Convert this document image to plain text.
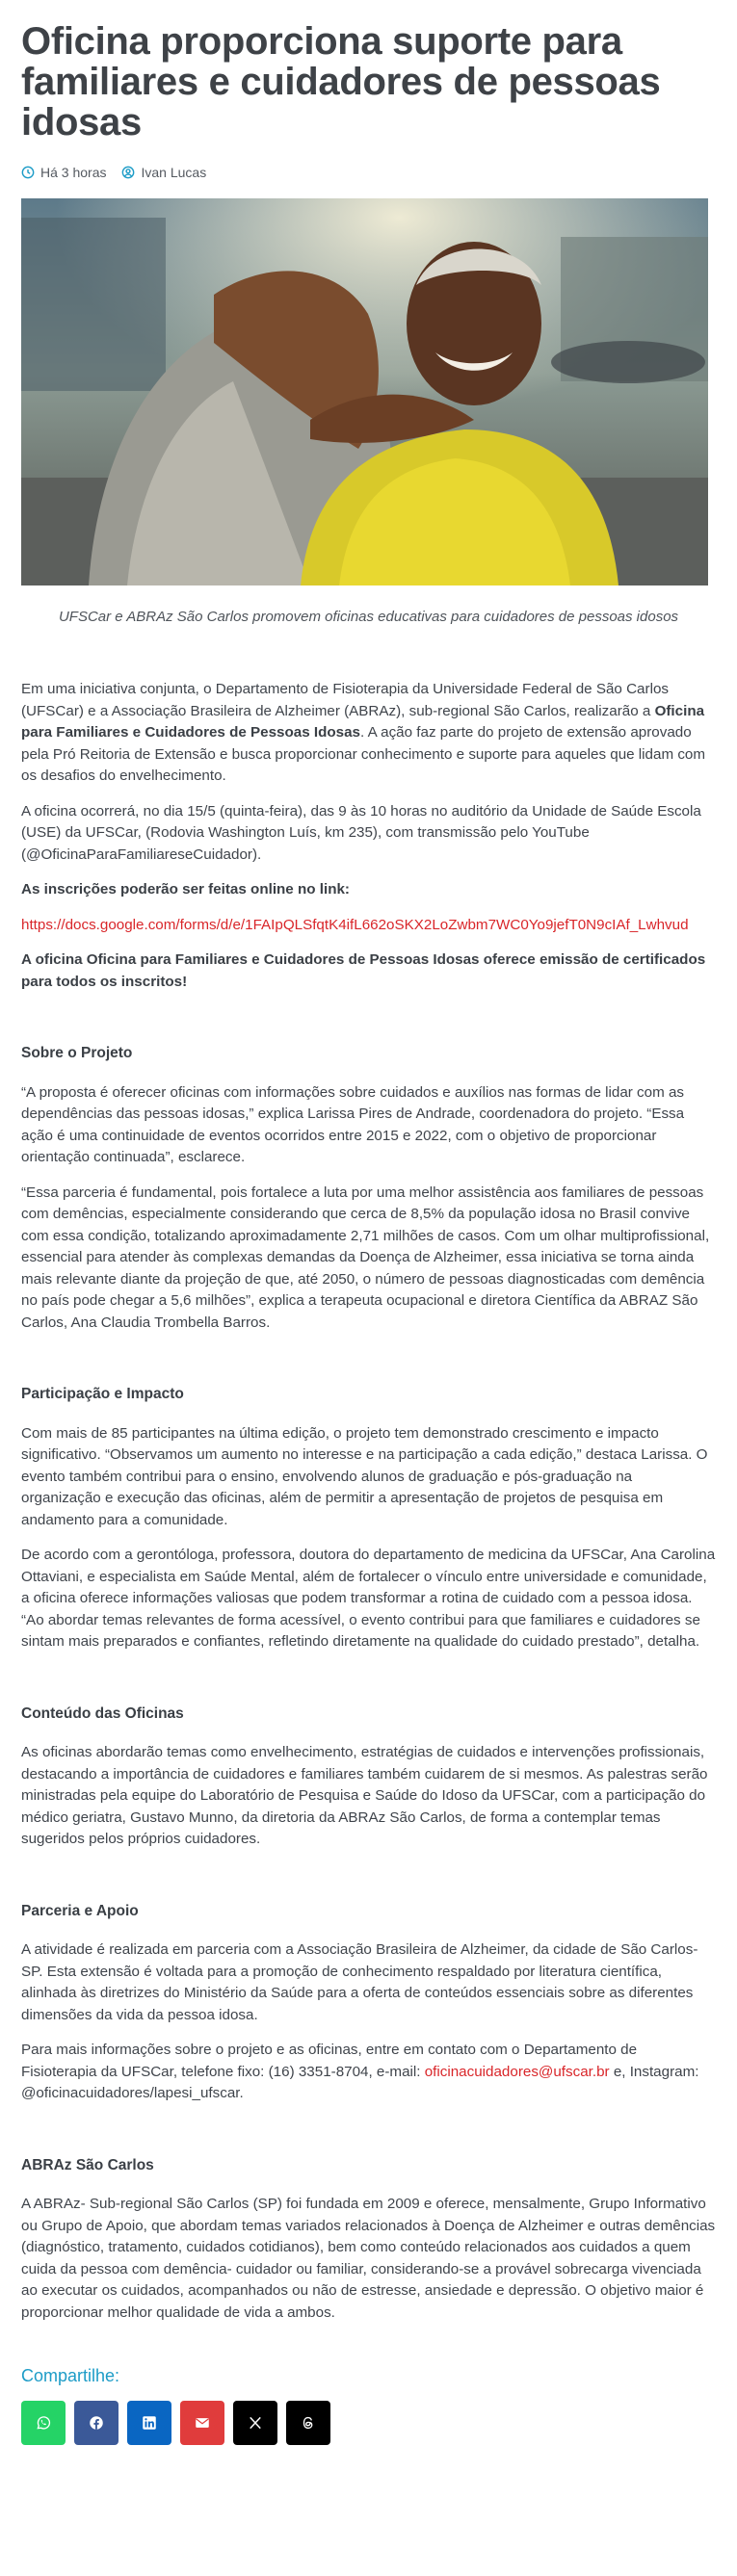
Oficina proporciona suporte para familiares e cuidadores de pessoas idosas
Há 3 horas	Ivan Lucas

UFSCar e ABRAz São Carlos promovem oficinas educativas para cuidadores de pessoas idosos

Em uma iniciativa conjunta, o Departamento de Fisioterapia da Universidade Federal de São Carlos (UFSCar) e a Associação Brasileira de Alzheimer (ABRAz), sub-regional São Carlos, realizarão a Oficina para Familiares e Cuidadores de Pessoas Idosas. A ação faz parte do projeto de extensão aprovado pela Pró Reitoria de Extensão e busca proporcionar conhecimento e suporte para aqueles que lidam com os desafios do envelhecimento.

A oficina ocorrerá, no dia 15/5 (quinta-feira), das 9 às 10 horas no auditório da Unidade de Saúde Escola (USE) da UFSCar, (Rodovia Washington Luís, km 235), com transmissão pelo YouTube (@OficinaParaFamiliareseCuidador).

As inscrições poderão ser feitas online no link:

https://docs.google.com/forms/d/e/1FAIpQLSfqtK4ifL662oSKX2LoZwbm7WC0Yo9jefT0N9cIAf_Lwhvud

A oficina Oficina para Familiares e Cuidadores de Pessoas Idosas oferece emissão de certificados para todos os inscritos!

Sobre o Projeto

“A proposta é oferecer oficinas com informações sobre cuidados e auxílios nas formas de lidar com as dependências das pessoas idosas,” explica Larissa Pires de Andrade, coordenadora do projeto. “Essa ação é uma continuidade de eventos ocorridos entre 2015 e 2022, com o objetivo de proporcionar orientação continuada”, esclarece.

“Essa parceria é fundamental, pois fortalece a luta por uma melhor assistência aos familiares de pessoas com demências, especialmente considerando que cerca de 8,5% da população idosa no Brasil convive com essa condição, totalizando aproximadamente 2,71 milhões de casos. Com um olhar multiprofissional, essencial para atender às complexas demandas da Doença de Alzheimer, essa iniciativa se torna ainda mais relevante diante da projeção de que, até 2050, o número de pessoas diagnosticadas com demência no país pode chegar a 5,6 milhões”, explica a terapeuta ocupacional e diretora Científica da ABRAZ São Carlos, Ana Claudia Trombella Barros.

Participação e Impacto

Com mais de 85 participantes na última edição, o projeto tem demonstrado crescimento e impacto significativo. “Observamos um aumento no interesse e na participação a cada edição,” destaca Larissa. O evento também contribui para o ensino, envolvendo alunos de graduação e pós-graduação na organização e execução das oficinas, além de permitir a apresentação de projetos de pesquisa em andamento para a comunidade.

De acordo com a gerontóloga, professora, doutora do departamento de medicina da UFSCar, Ana Carolina Ottaviani, e especialista em Saúde Mental, além de fortalecer o vínculo entre universidade e comunidade, a oficina oferece informações valiosas que podem transformar a rotina de cuidado com a pessoa idosa. “Ao abordar temas relevantes de forma acessível, o evento contribui para que familiares e cuidadores se sintam mais preparados e confiantes, refletindo diretamente na qualidade do cuidado prestado”, detalha.

Conteúdo das Oficinas

As oficinas abordarão temas como envelhecimento, estratégias de cuidados e intervenções profissionais, destacando a importância de cuidadores e familiares também cuidarem de si mesmos. As palestras serão ministradas pela equipe do Laboratório de Pesquisa e Saúde do Idoso da UFSCar, com a participação do médico geriatra, Gustavo Munno, da diretoria da ABRAz São Carlos, de forma a contemplar temas sugeridos pelos próprios cuidadores.

Parceria e Apoio

A atividade é realizada em parceria com a Associação Brasileira de Alzheimer, da cidade de São Carlos-SP. Esta extensão é voltada para a promoção de conhecimento respaldado por literatura científica, alinhada às diretrizes do Ministério da Saúde para a oferta de conteúdos essenciais sobre as diferentes dimensões da vida da pessoa idosa.

Para mais informações sobre o projeto e as oficinas, entre em contato com o Departamento de Fisioterapia da UFSCar, telefone fixo: (16) 3351-8704, e-mail: oficinacuidadores@ufscar.br e, Instagram: @oficinacuidadores/lapesi_ufscar.

ABRAz São Carlos

A ABRAz- Sub-regional São Carlos (SP) foi fundada em 2009 e oferece, mensalmente, Grupo Informativo ou Grupo de Apoio, que abordam temas variados relacionados à Doença de Alzheimer e outras demências (diagnóstico, tratamento, cuidados cotidianos), bem como conteúdo relacionados aos cuidados a quem cuida da pessoa com demência- cuidador ou familiar, considerando-se a provável sobrecarga vivenciada ao executar os cuidados, acompanhados ou não de estresse, ansiedade e depressão. O objetivo maior é proporcionar melhor qualidade de vida a ambos.

Compartilhe:
